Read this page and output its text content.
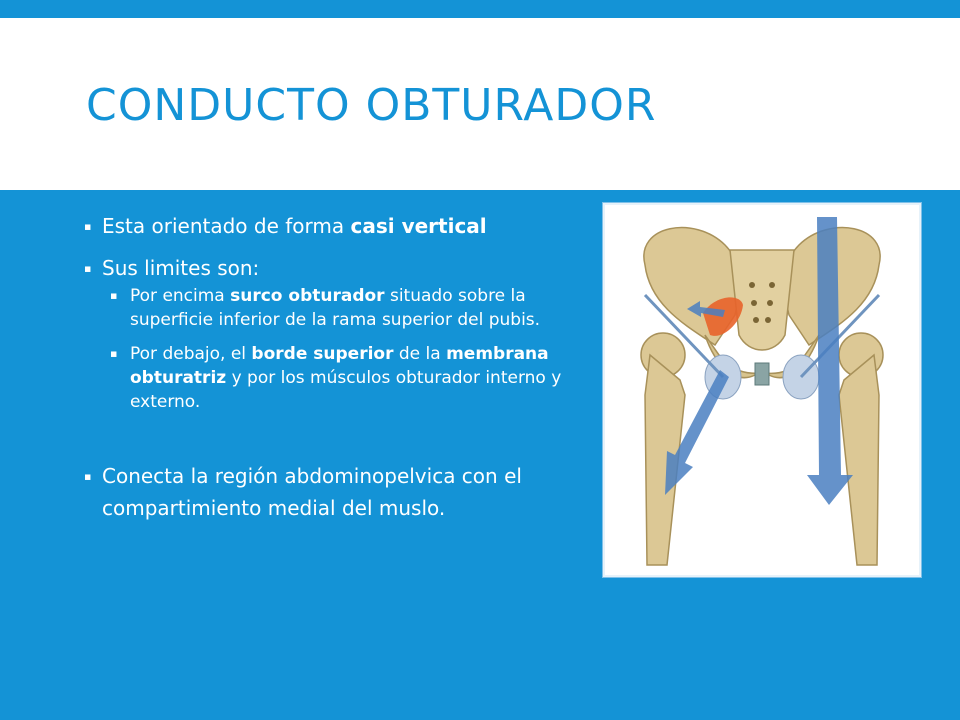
CONDUCTO OBTURADOR
▪ Esta orientado de forma casi vertical
▪ Sus limites son:
▪ Por encima surco obturador situado sobre la superficie inferior de la rama superior del pubis.
▪ Por debajo, el borde superior de la membrana obturatriz y por los músculos obturador interno y externo.
▪ Conecta la región abdominopelvica con el compartimiento medial del muslo.
